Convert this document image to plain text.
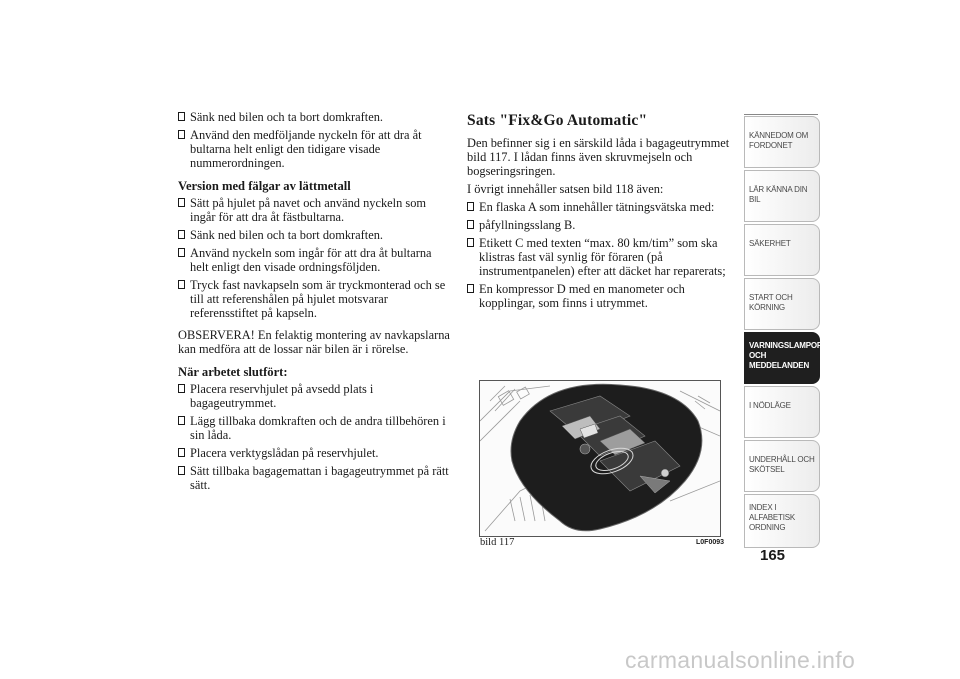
Sänk ned bilen och ta bort domkraften.
Använd den medföljande nyckeln för att dra åt bultarna helt enligt den tidigare visade nummerordningen.
Version med fälgar av lättmetall
Sätt på hjulet på navet och använd nyckeln som ingår för att dra åt fästbultarna.
Sänk ned bilen och ta bort domkraften.
Använd nyckeln som ingår för att dra åt bultarna helt enligt den visade ordningsföljden.
Tryck fast navkapseln som är tryckmonterad och se till att referenshålen på hjulet motsvarar referensstiftet på kapseln.

OBSERVERA! En felaktig montering av navkapslarna kan medföra att de lossar när bilen är i rörelse.

När arbetet slutfört:
Placera reservhjulet på avsedd plats i bagageutrymmet.
Lägg tillbaka domkraften och de andra tillbehören i sin låda.
Placera verktygslådan på reservhjulet.
Sätt tillbaka bagagemattan i bagageutrymmet på rätt sätt.
Sats "Fix&Go Automatic"

Den befinner sig i en särskild låda i bagageutrymmet bild 117. I lådan finns även skruvmejseln och bogseringsringen.

I övrigt innehåller satsen bild 118 även:

En flaska A som innehåller tätningsvätska med:
påfyllningsslang B.
Etikett C med texten “max. 80 km/tim” som ska klistras fast väl synlig för föraren (på instrumentpanelen) efter att däcket har reparerats;
En kompressor D med en manometer och kopplingar, som finns i utrymmet.
bild 117	L0F0093
KÄNNEDOM OM FORDONET
LÄR KÄNNA DIN BIL
SÄKERHET
START OCH KÖRNING
VARNINGSLAMPOR OCH MEDDELANDEN
I NÖDLÄGE
UNDERHÅLL OCH SKÖTSEL
INDEX I ALFABETISK ORDNING
165
carmanualsonline.info
